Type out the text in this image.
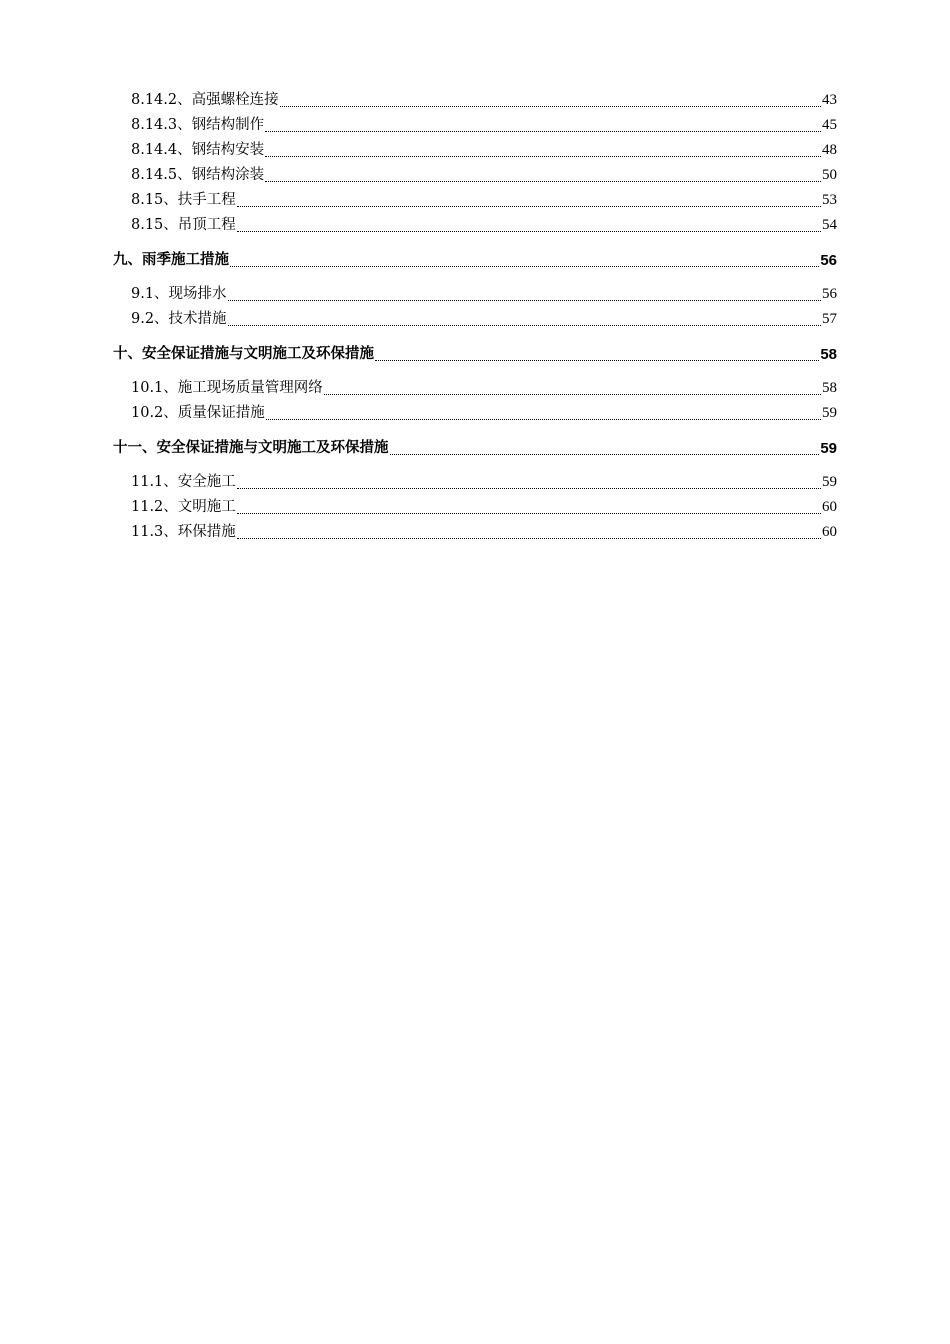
8.14.2、高强螺栓连接	43
8.14.3、钢结构制作	45
8.14.4、钢结构安装	48
8.14.5、钢结构涂装	50
8.15、扶手工程	53
8.15、吊顶工程	54
九、雨季施工措施	56
9.1、现场排水	56
9.2、技术措施	57
十、安全保证措施与文明施工及环保措施	58
10.1、施工现场质量管理网络	58
10.2、质量保证措施	59
十一、安全保证措施与文明施工及环保措施	59
11.1、安全施工	59
11.2、文明施工	60
11.3、环保措施	60
